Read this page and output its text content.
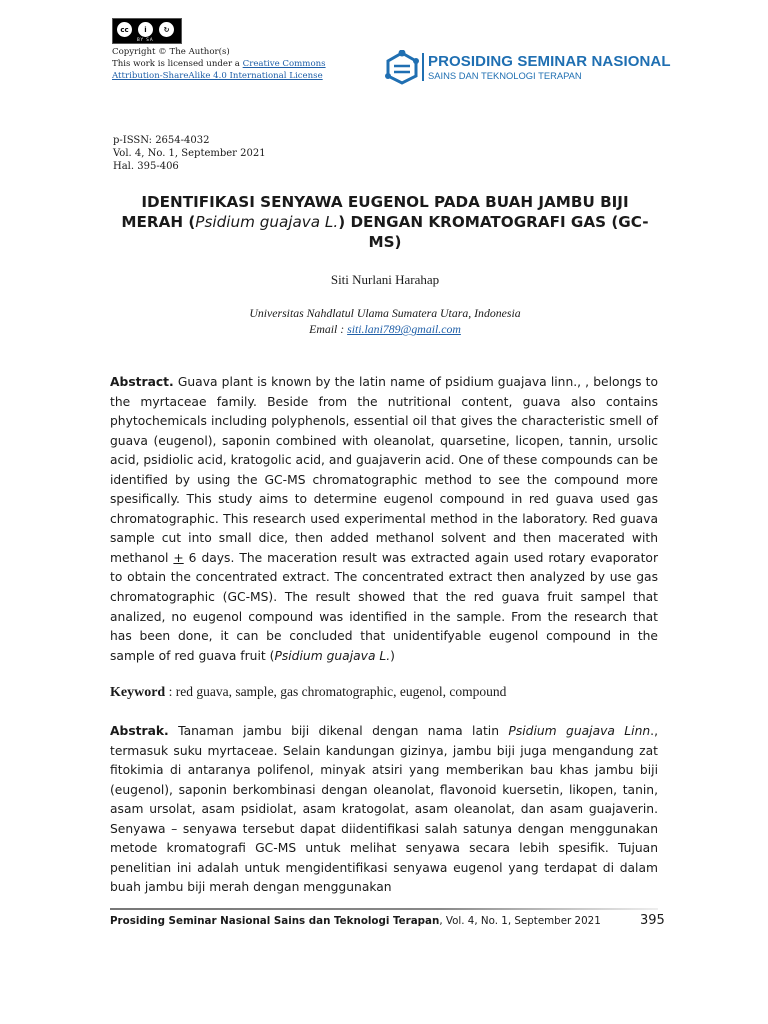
cc	i	↻
BY SA
Copyright © The Author(s)
This work is licensed under a Creative Commons
Attribution-ShareAlike 4.0 International License
PROSIDING SEMINAR NASIONAL
SAINS DAN TEKNOLOGI TERAPAN
p-ISSN: 2654-4032
Vol. 4, No. 1, September 2021
Hal. 395-406
IDENTIFIKASI SENYAWA EUGENOL PADA BUAH JAMBU BIJI MERAH (Psidium guajava L.) DENGAN KROMATOGRAFI GAS (GC-MS)
Siti Nurlani Harahap
Universitas Nahdlatul Ulama Sumatera Utara, Indonesia
Email : siti.lani789@gmail.com
Abstract. Guava plant is known by the latin name of psidium guajava linn., , belongs to the myrtaceae family. Beside from the nutritional content, guava also contains phytochemicals including polyphenols, essential oil that gives the characteristic smell of guava (eugenol), saponin combined with oleanolat, quarsetine, licopen, tannin, ursolic acid, psidiolic acid, kratogolic acid, and guajaverin acid. One of these compounds can be identified by using the GC-MS chromatographic method to see the compound more spesifically. This study aims to determine eugenol compound in red guava used gas chromatographic. This research used experimental method in the laboratory. Red guava sample cut into small dice, then added methanol solvent and then macerated with methanol + 6 days. The maceration result was extracted again used rotary evaporator to obtain the concentrated extract. The concentrated extract then analyzed by use gas chromatographic (GC-MS). The result showed that the red guava fruit sampel that analized, no eugenol compound was identified in the sample. From the research that has been done, it can be concluded that unidentifyable eugenol compound in the sample of red guava fruit (Psidium guajava L.)
Keyword : red guava, sample, gas chromatographic, eugenol, compound
Abstrak. Tanaman jambu biji dikenal dengan nama latin Psidium guajava Linn., termasuk suku myrtaceae. Selain kandungan gizinya, jambu biji juga mengandung zat fitokimia di antaranya polifenol, minyak atsiri yang memberikan bau khas jambu biji (eugenol), saponin berkombinasi dengan oleanolat, flavonoid kuersetin, likopen, tanin, asam ursolat, asam psidiolat, asam kratogolat, asam oleanolat, dan asam guajaverin. Senyawa – senyawa tersebut dapat diidentifikasi salah satunya dengan menggunakan metode kromatografi GC-MS untuk melihat senyawa secara lebih spesifik. Tujuan penelitian ini adalah untuk mengidentifikasi senyawa eugenol yang terdapat di dalam buah jambu biji merah dengan menggunakan
Prosiding Seminar Nasional Sains dan Teknologi Terapan, Vol. 4, No. 1, September 2021	395
